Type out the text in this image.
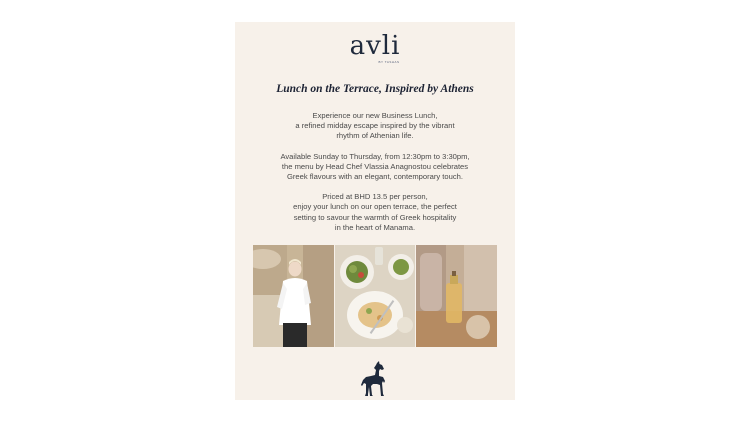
avli
BY TASHAS
Lunch on the Terrace, Inspired by Athens

Experience our new Business Lunch,
a refined midday escape inspired by the vibrant
rhythm of Athenian life.

Available Sunday to Thursday, from 12:30pm to 3:30pm,
the menu by Head Chef Vlassia Anagnostou celebrates
Greek flavours with an elegant, contemporary touch.

Priced at BHD 13.5 per person,
enjoy your lunch on our open terrace, the perfect
setting to savour the warmth of Greek hospitality
in the heart of Manama.
